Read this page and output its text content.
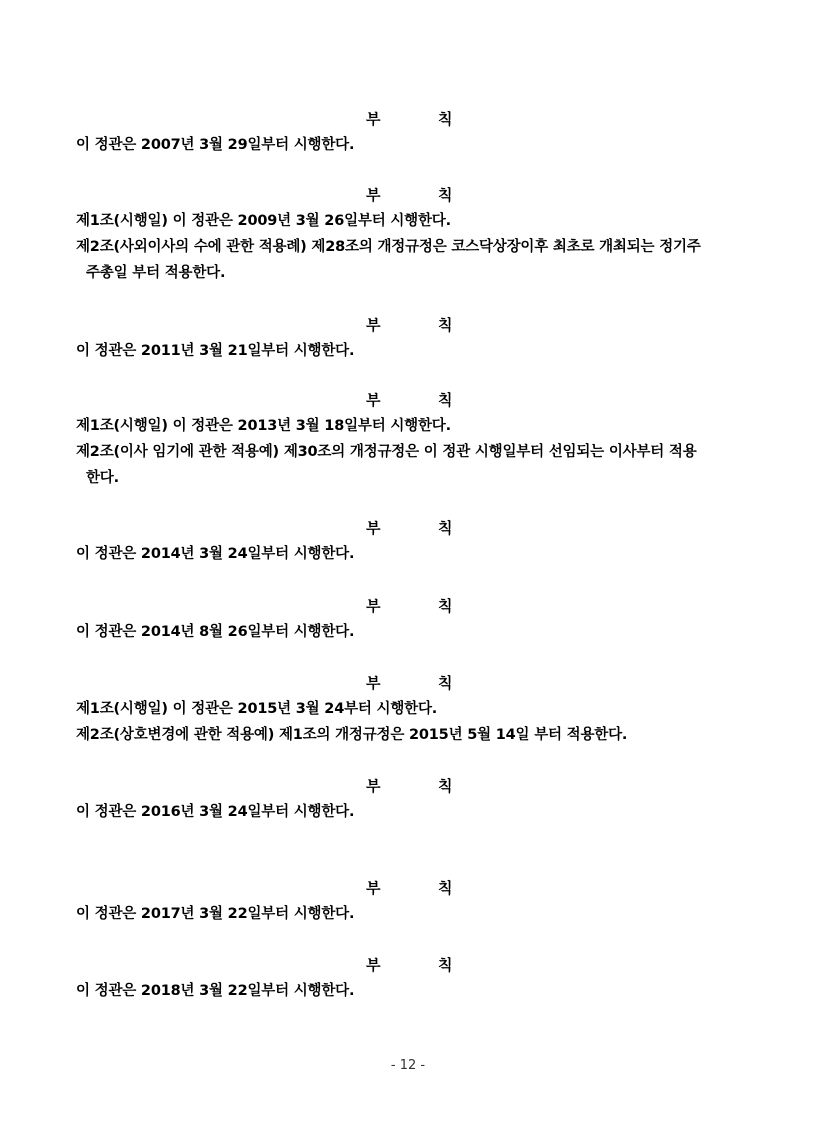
부	칙
이 정관은 2007년 3월 29일부터 시행한다.
부	칙
제1조(시행일) 이 정관은 2009년 3월 26일부터 시행한다.
제2조(사외이사의 수에 관한 적용례) 제28조의 개정규정은 코스닥상장이후 최초로 개최되는 정기주
주총일 부터 적용한다.
부	칙
이 정관은 2011년 3월 21일부터 시행한다.
부	칙
제1조(시행일) 이 정관은 2013년 3월 18일부터 시행한다.
제2조(이사 임기에 관한 적용예) 제30조의 개정규정은 이 정관 시행일부터 선임되는 이사부터 적용
한다.
부	칙
이 정관은 2014년 3월 24일부터 시행한다.
부	칙
이 정관은 2014년 8월 26일부터 시행한다.
부	칙
제1조(시행일) 이 정관은 2015년 3월 24부터 시행한다.
제2조(상호변경에 관한 적용예) 제1조의 개정규정은 2015년 5월 14일 부터 적용한다.
부	칙
이 정관은 2016년 3월 24일부터 시행한다.
부	칙
이 정관은 2017년 3월 22일부터 시행한다.
부	칙
이 정관은 2018년 3월 22일부터 시행한다.
- 12 -
